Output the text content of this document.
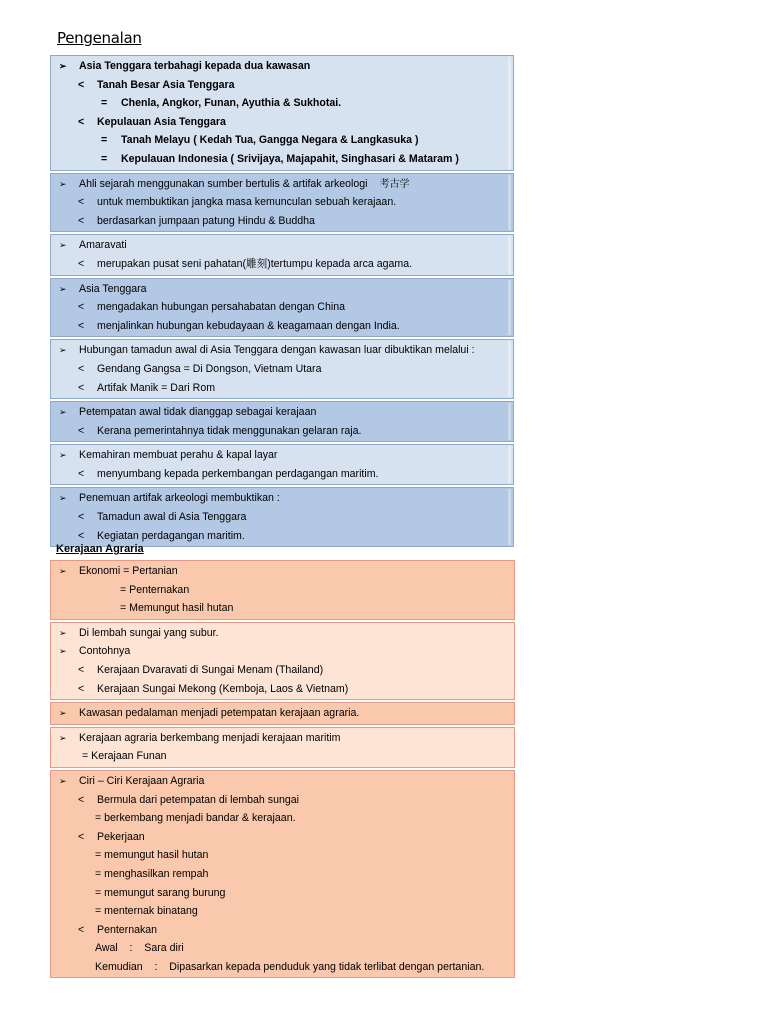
Pengenalan
➢ Asia Tenggara terbahagi kepada dua kawasan
< Tanah Besar Asia Tenggara
= Chenla, Angkor, Funan, Ayuthia & Sukhotai.
< Kepulauan Asia Tenggara
= Tanah Melayu ( Kedah Tua, Gangga Negara & Langkasuka )
= Kepulauan Indonesia ( Srivijaya, Majapahit, Singhasari & Mataram )
➢ Ahli sejarah menggunakan sumber bertulis & artifak arkeologi 考古学
< untuk membuktikan jangka masa kemunculan sebuah kerajaan.
< berdasarkan jumpaan patung Hindu & Buddha
➢ Amaravati
< merupakan pusat seni pahatan(雕刻)tertumpu kepada arca agama.
➢ Asia Tenggara
< mengadakan hubungan persahabatan dengan China
< menjalinkan hubungan kebudayaan & keagamaan dengan India.
➢ Hubungan tamadun awal di Asia Tenggara dengan kawasan luar dibuktikan melalui :
< Gendang Gangsa = Di Dongson, Vietnam Utara
< Artifak Manik = Dari Rom
➢ Petempatan awal tidak dianggap sebagai kerajaan
< Kerana pemerintahnya tidak menggunakan gelaran raja.
➢ Kemahiran membuat perahu & kapal layar
< menyumbang kepada perkembangan perdagangan maritim.
➢ Penemuan artifak arkeologi membuktikan :
< Tamadun awal di Asia Tenggara
< Kegiatan perdagangan maritim.
Kerajaan Agraria
➢ Ekonomi = Pertanian
= Penternakan
= Memungut hasil hutan
➢ Di lembah sungai yang subur.
➢ Contohnya
< Kerajaan Dvaravati di Sungai Menam (Thailand)
< Kerajaan Sungai Mekong (Kemboja, Laos & Vietnam)
➢ Kawasan pedalaman menjadi petempatan kerajaan agraria.
➢ Kerajaan agraria berkembang menjadi kerajaan maritim
= Kerajaan Funan
➢ Ciri – Ciri Kerajaan Agraria
< Bermula dari petempatan di lembah sungai
= berkembang menjadi bandar & kerajaan.
< Pekerjaan
= memungut hasil hutan
= menghasilkan rempah
= memungut sarang burung
= menternak binatang
< Penternakan
Awal    :    Sara diri
Kemudian    :    Dipasarkan kepada penduduk yang tidak terlibat dengan pertanian.
